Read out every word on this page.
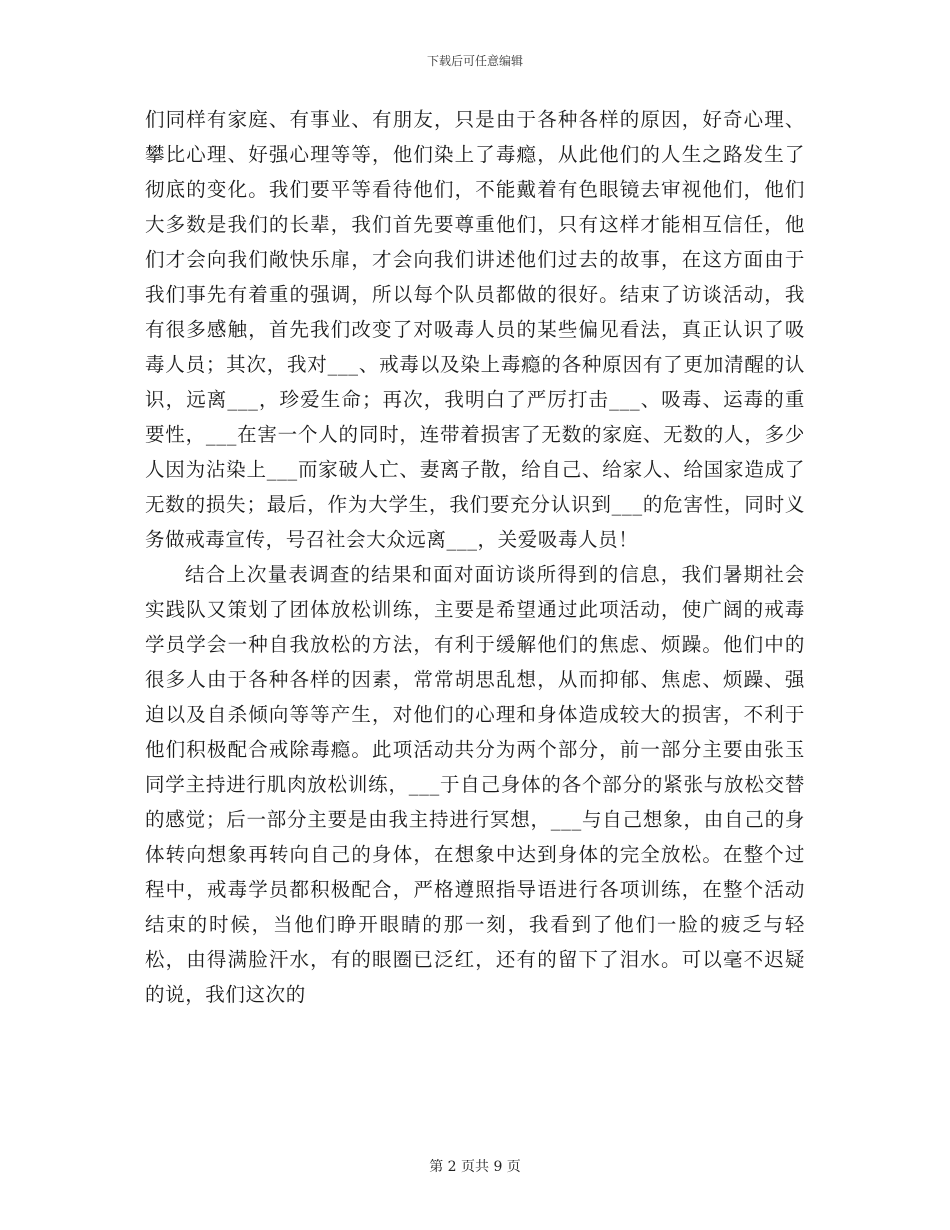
下载后可任意编辑

们同样有家庭、有事业、有朋友，只是由于各种各样的原因，好奇心理、攀比心理、好强心理等等，他们染上了毒瘾，从此他们的人生之路发生了彻底的变化。我们要平等看待他们，不能戴着有色眼镜去审视他们，他们大多数是我们的长辈，我们首先要尊重他们，只有这样才能相互信任，他们才会向我们敞快乐扉，才会向我们讲述他们过去的故事，在这方面由于我们事先有着重的强调，所以每个队员都做的很好。结束了访谈活动，我有很多感触，首先我们改变了对吸毒人员的某些偏见看法，真正认识了吸毒人员；其次，我对___、戒毒以及染上毒瘾的各种原因有了更加清醒的认识，远离___，珍爱生命；再次，我明白了严厉打击___、吸毒、运毒的重要性，___在害一个人的同时，连带着损害了无数的家庭、无数的人，多少人因为沾染上___而家破人亡、妻离子散，给自己、给家人、给国家造成了无数的损失；最后，作为大学生，我们要充分认识到___的危害性，同时义务做戒毒宣传，号召社会大众远离___，关爱吸毒人员！

结合上次量表调查的结果和面对面访谈所得到的信息，我们暑期社会实践队又策划了团体放松训练，主要是希望通过此项活动，使广阔的戒毒学员学会一种自我放松的方法，有利于缓解他们的焦虑、烦躁。他们中的很多人由于各种各样的因素，常常胡思乱想，从而抑郁、焦虑、烦躁、强迫以及自杀倾向等等产生，对他们的心理和身体造成较大的损害，不利于他们积极配合戒除毒瘾。此项活动共分为两个部分，前一部分主要由张玉同学主持进行肌肉放松训练，___于自己身体的各个部分的紧张与放松交替的感觉；后一部分主要是由我主持进行冥想，___与自己想象，由自己的身体转向想象再转向自己的身体，在想象中达到身体的完全放松。在整个过程中，戒毒学员都积极配合，严格遵照指导语进行各项训练，在整个活动结束的时候，当他们睁开眼睛的那一刻，我看到了他们一脸的疲乏与轻松，由得满脸汗水，有的眼圈已泛红，还有的留下了泪水。可以毫不迟疑的说，我们这次的

第 2 页共 9 页
